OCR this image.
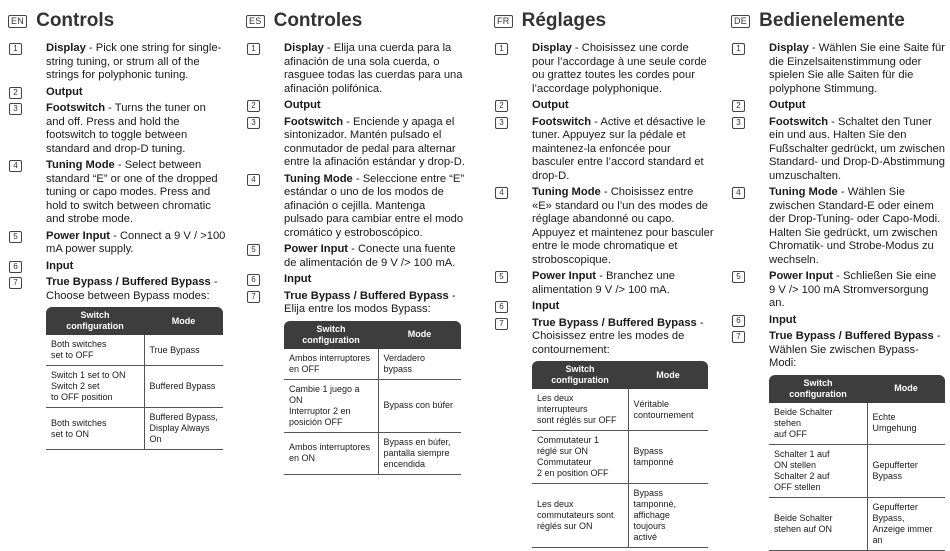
EN Controls
1	Display - Pick one string for single-string tuning, or strum all of the strings for polyphonic tuning.
2	Output
3	Footswitch - Turns the tuner on and off. Press and hold the footswitch to toggle between standard and drop-D tuning.
4	Tuning Mode - Select between standard “E” or one of the dropped tuning or capo modes. Press and hold to switch between chromatic and strobe mode.
5	Power Input - Connect a 9 V / >100 mA power supply.
6	Input
7	True Bypass / Buffered Bypass - Choose between Bypass modes:
Switch configuration	Mode

Both switches
set to OFF	True Bypass

Switch 1 set to ON
Switch 2 set
to OFF position	Buffered Bypass

Both switches
set to ON	Buffered Bypass,
Display Always On
ES Controles
1	Display - Elija una cuerda para la afinación de una sola cuerda, o rasguee todas las cuerdas para una afinación polifónica.
2	Output
3	Footswitch - Enciende y apaga el sintonizador. Mantén pulsado el conmutador de pedal para alternar entre la afinación estándar y drop-D.
4	Tuning Mode - Seleccione entre “E” estándar o uno de los modos de afinación o cejilla. Mantenga pulsado para cambiar entre el modo cromático y estroboscópico.
5	Power Input - Conecte una fuente de alimentación de 9 V /> 100 mA.
6	Input
7	True Bypass / Buffered Bypass - Elija entre los modos Bypass:
Switch configuration	Mode

Ambos interruptores
en OFF	Verdadero bypass

Cambie 1 juego a ON
Interruptor 2 en
posición OFF	Bypass con búfer

Ambos interruptores
en ON	Bypass en búfer,
pantalla siempre
encendida
FR Réglages
1	Display - Choisissez une corde pour l’accordage à une seule corde ou grattez toutes les cordes pour l’accordage polyphonique.
2	Output
3	Footswitch - Active et désactive le tuner. Appuyez sur la pédale et maintenez-la enfoncée pour basculer entre l’accord standard et drop-D.
4	Tuning Mode - Choisissez entre «E» standard ou l’un des modes de réglage abandonné ou capo. Appuyez et maintenez pour basculer entre le mode chromatique et stroboscopique.
5	Power Input - Branchez une alimentation 9 V /> 100 mA.
6	Input
7	True Bypass / Buffered Bypass - Choisissez entre les modes de contournement:
Switch configuration	Mode

Les deux interrupteurs
sont réglés sur OFF	Véritable
contournement

Commutateur 1
réglé sur ON
Commutateur
2 en position OFF	Bypass tamponné

Les deux
commutateurs sont
réglés sur ON	Bypass tamponné,
affichage toujours
activé
DE Bedienelemente
1	Display - Wählen Sie eine Saite für die Einzelsaitenstimmung oder spielen Sie alle Saiten für die polyphone Stimmung.
2	Output
3	Footswitch - Schaltet den Tuner ein und aus. Halten Sie den Fußschalter gedrückt, um zwischen Standard- und Drop-D-Abstimmung umzuschalten.
4	Tuning Mode - Wählen Sie zwischen Standard-E oder einem der Drop-Tuning- oder Capo-Modi. Halten Sie gedrückt, um zwischen Chromatik- und Strobe-Modus zu wechseln.
5	Power Input - Schließen Sie eine 9 V /> 100 mA Stromversorgung an.
6	Input
7	True Bypass / Buffered Bypass - Wählen Sie zwischen Bypass-Modi:
Switch configuration	Mode

Beide Schalter stehen
auf OFF	Echte Umgehung

Schalter 1 auf
ON stellen
Schalter 2 auf
OFF stellen	Gepufferter Bypass

Beide Schalter
stehen auf ON	Gepufferter Bypass,
Anzeige immer an
